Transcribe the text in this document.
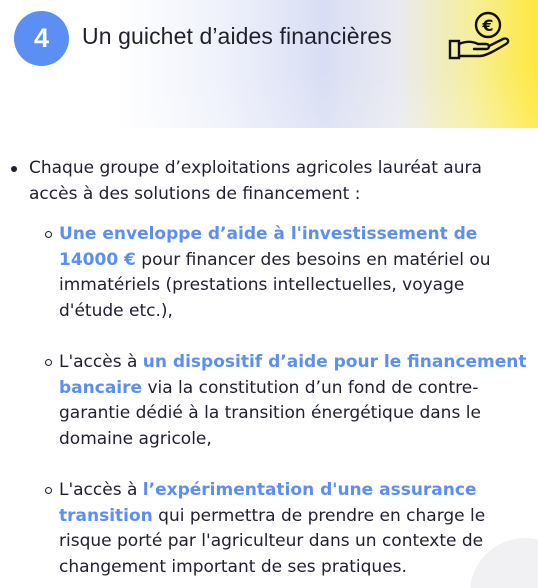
4 Un guichet d’aides financières	€
Chaque groupe d’exploitations agricoles lauréat aura accès à des solutions de financement :
Une enveloppe d’aide à l'investissement de 14000 € pour financer des besoins en matériel ou immatériels (prestations intellectuelles, voyage d'étude etc.),
L'accès à un dispositif d’aide pour le financement bancaire via la constitution d’un fond de contre-garantie dédié à la transition énergétique dans le domaine agricole,
L'accès à l’expérimentation d'une assurance transition qui permettra de prendre en charge le risque porté par l'agriculteur dans un contexte de changement important de ses pratiques.
